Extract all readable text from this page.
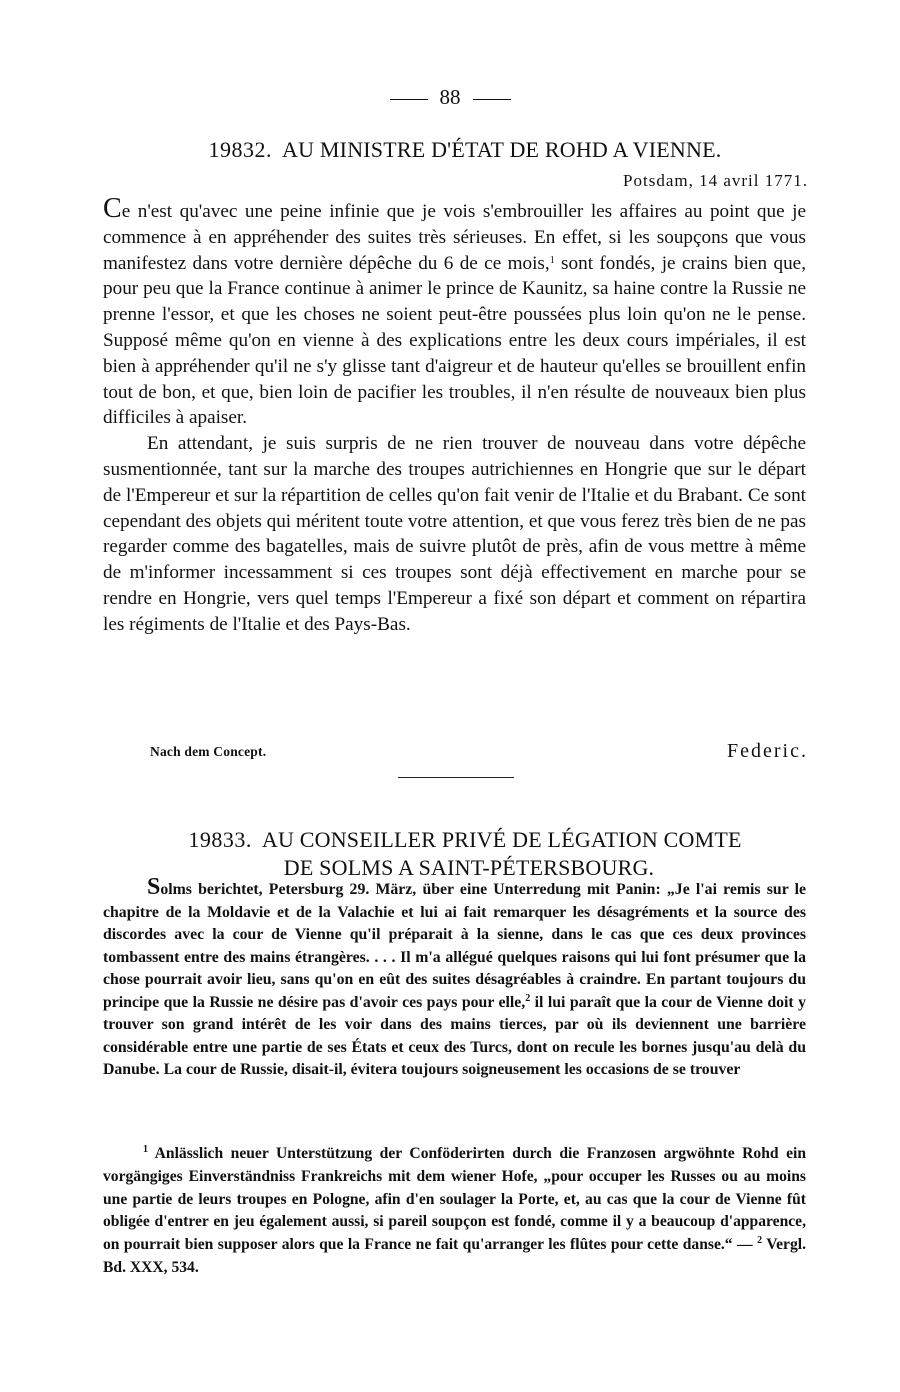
88
19832. AU MINISTRE D'ÉTAT DE ROHD A VIENNE.
Potsdam, 14 avril 1771.

Ce n'est qu'avec une peine infinie que je vois s'embrouiller les affaires au point que je commence à en appréhender des suites très sérieuses. En effet, si les soupçons que vous manifestez dans votre dernière dépêche du 6 de ce mois,$^1$ sont fondés, je crains bien que, pour peu que la France continue à animer le prince de Kaunitz, sa haine contre la Russie ne prenne l'essor, et que les choses ne soient peut-être poussées plus loin qu'on ne le pense. Supposé même qu'on en vienne à des explications entre les deux cours impériales, il est bien à appréhender qu'il ne s'y glisse tant d'aigreur et de hauteur qu'elles se brouillent enfin tout de bon, et que, bien loin de pacifier les troubles, il n'en résulte de nouveaux bien plus difficiles à apaiser.

En attendant, je suis surpris de ne rien trouver de nouveau dans votre dépêche susmentionnée, tant sur la marche des troupes autrichiennes en Hongrie que sur le départ de l'Empereur et sur la répartition de celles qu'on fait venir de l'Italie et du Brabant. Ce sont cependant des objets qui méritent toute votre attention, et que vous ferez très bien de ne pas regarder comme des bagatelles, mais de suivre plutôt de près, afin de vous mettre à même de m'informer incessamment si ces troupes sont déjà effectivement en marche pour se rendre en Hongrie, vers quel temps l'Empereur a fixé son départ et comment on répartira les régiments de l'Italie et des Pays-Bas.

Nach dem Concept.	Federic.
19833. AU CONSEILLER PRIVÉ DE LÉGATION COMTE
DE SOLMS A SAINT-PÉTERSBOURG.

Solms berichtet, Petersburg 29. März, über eine Unterredung mit Panin: „Je l'ai remis sur le chapitre de la Moldavie et de la Valachie et lui ai fait remarquer les désagréments et la source des discordes avec la cour de Vienne qu'il préparait à la sienne, dans le cas que ces deux provinces tombassent entre des mains étrangères. . . . Il m'a allégué quelques raisons qui lui font présumer que la chose pourrait avoir lieu, sans qu'on en eût des suites désagréables à craindre. En partant toujours du principe que la Russie ne désire pas d'avoir ces pays pour elle,$^2$ il lui paraît que la cour de Vienne doit y trouver son grand intérêt de les voir dans des mains tierces, par où ils deviennent une barrière considérable entre une partie de ses États et ceux des Turcs, dont on recule les bornes jusqu'au delà du Danube. La cour de Russie, disait-il, évitera toujours soigneusement les occasions de se trouver

$^1$ Anlässlich neuer Unterstützung der Conföderirten durch die Franzosen argwöhnte Rohd ein vorgängiges Einverständniss Frankreichs mit dem wiener Hofe, „pour occuper les Russes ou au moins une partie de leurs troupes en Pologne, afin d'en soulager la Porte, et, au cas que la cour de Vienne fût obligée d'entrer en jeu également aussi, si pareil soupçon est fondé, comme il y a beaucoup d'apparence, on pourrait bien supposer alors que la France ne fait qu'arranger les flûtes pour cette danse.“ — $^2$ Vergl. Bd. XXX, 534.
